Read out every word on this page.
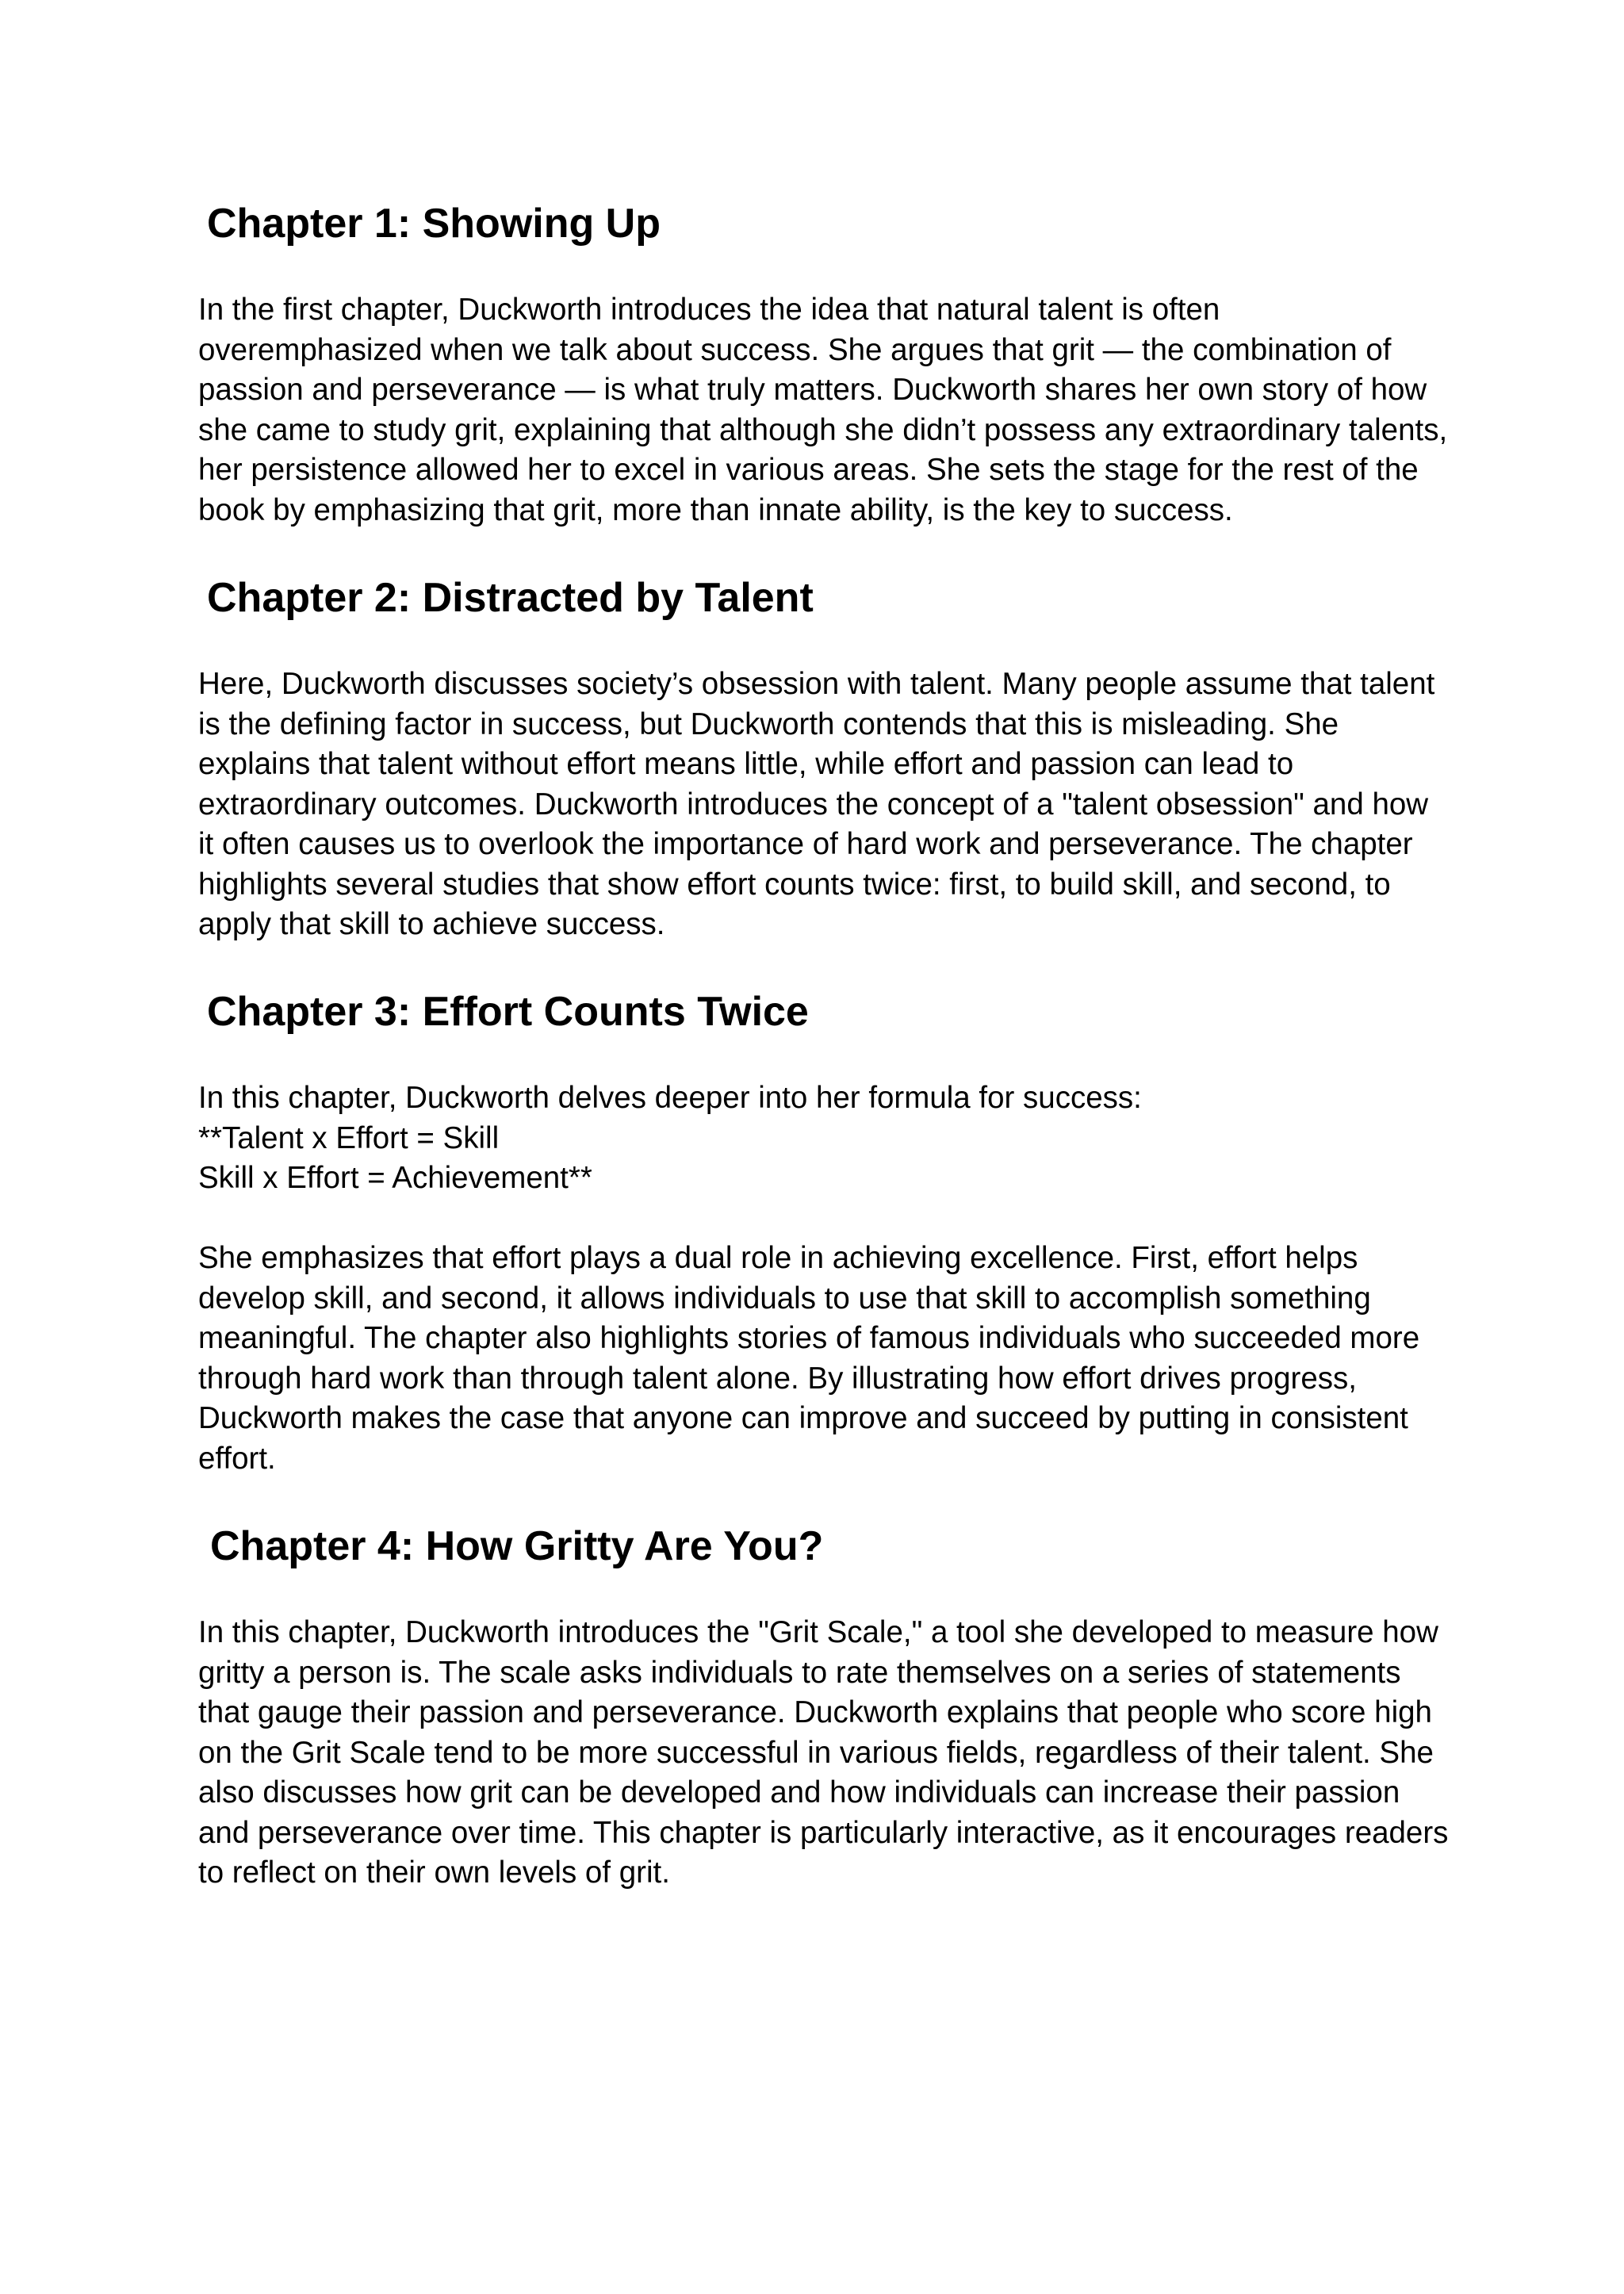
Chapter 1: Showing Up
In the first chapter, Duckworth introduces the idea that natural talent is often
overemphasized when we talk about success. She argues that grit — the combination of
passion and perseverance — is what truly matters. Duckworth shares her own story of how
she came to study grit, explaining that although she didn’t possess any extraordinary talents,
her persistence allowed her to excel in various areas. She sets the stage for the rest of the
book by emphasizing that grit, more than innate ability, is the key to success.
Chapter 2: Distracted by Talent
Here, Duckworth discusses society’s obsession with talent. Many people assume that talent
is the defining factor in success, but Duckworth contends that this is misleading. She
explains that talent without effort means little, while effort and passion can lead to
extraordinary outcomes. Duckworth introduces the concept of a "talent obsession" and how
it often causes us to overlook the importance of hard work and perseverance. The chapter
highlights several studies that show effort counts twice: first, to build skill, and second, to
apply that skill to achieve success.
Chapter 3: Effort Counts Twice
In this chapter, Duckworth delves deeper into her formula for success:
**Talent x Effort = Skill
Skill x Effort = Achievement**
She emphasizes that effort plays a dual role in achieving excellence. First, effort helps
develop skill, and second, it allows individuals to use that skill to accomplish something
meaningful. The chapter also highlights stories of famous individuals who succeeded more
through hard work than through talent alone. By illustrating how effort drives progress,
Duckworth makes the case that anyone can improve and succeed by putting in consistent
effort.
Chapter 4: How Gritty Are You?
In this chapter, Duckworth introduces the "Grit Scale," a tool she developed to measure how
gritty a person is. The scale asks individuals to rate themselves on a series of statements
that gauge their passion and perseverance. Duckworth explains that people who score high
on the Grit Scale tend to be more successful in various fields, regardless of their talent. She
also discusses how grit can be developed and how individuals can increase their passion
and perseverance over time. This chapter is particularly interactive, as it encourages readers
to reflect on their own levels of grit.
